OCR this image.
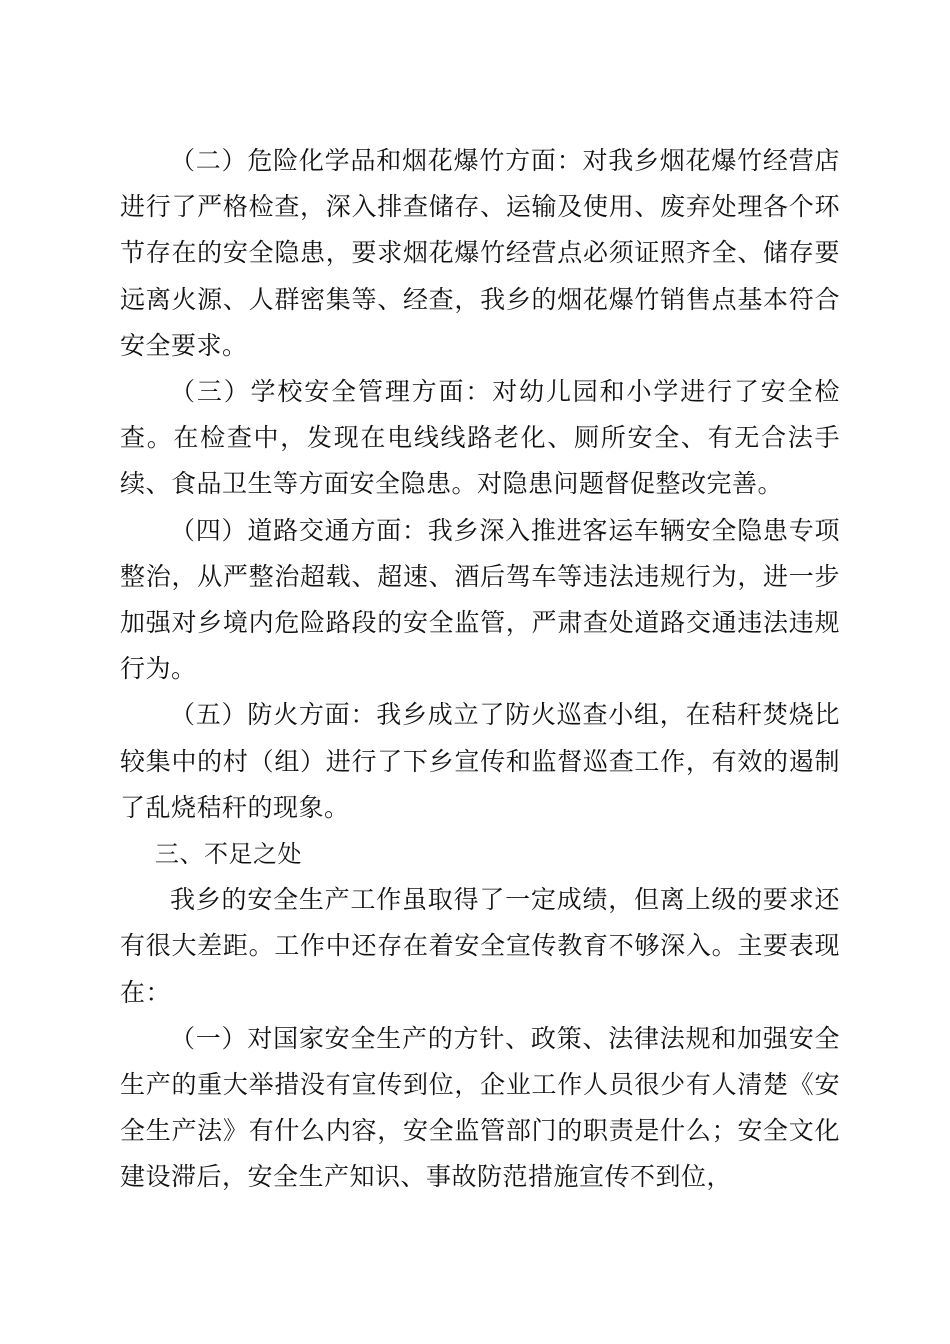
（二）危险化学品和烟花爆竹方面：对我乡烟花爆竹经营店进行了严格检查，深入排查储存、运输及使用、废弃处理各个环节存在的安全隐患，要求烟花爆竹经营点必须证照齐全、储存要远离火源、人群密集等、经查，我乡的烟花爆竹销售点基本符合安全要求。

（三）学校安全管理方面：对幼儿园和小学进行了安全检查。在检查中，发现在电线线路老化、厕所安全、有无合法手续、食品卫生等方面安全隐患。对隐患问题督促整改完善。

（四）道路交通方面：我乡深入推进客运车辆安全隐患专项整治，从严整治超载、超速、酒后驾车等违法违规行为，进一步加强对乡境内危险路段的安全监管，严肃查处道路交通违法违规行为。

（五）防火方面：我乡成立了防火巡查小组，在秸秆焚烧比较集中的村（组）进行了下乡宣传和监督巡查工作，有效的遏制了乱烧秸秆的现象。

三、不足之处

我乡的安全生产工作虽取得了一定成绩，但离上级的要求还有很大差距。工作中还存在着安全宣传教育不够深入。主要表现在：

（一）对国家安全生产的方针、政策、法律法规和加强安全生产的重大举措没有宣传到位，企业工作人员很少有人清楚《安全生产法》有什么内容，安全监管部门的职责是什么；安全文化建设滞后，安全生产知识、事故防范措施宣传不到位，
